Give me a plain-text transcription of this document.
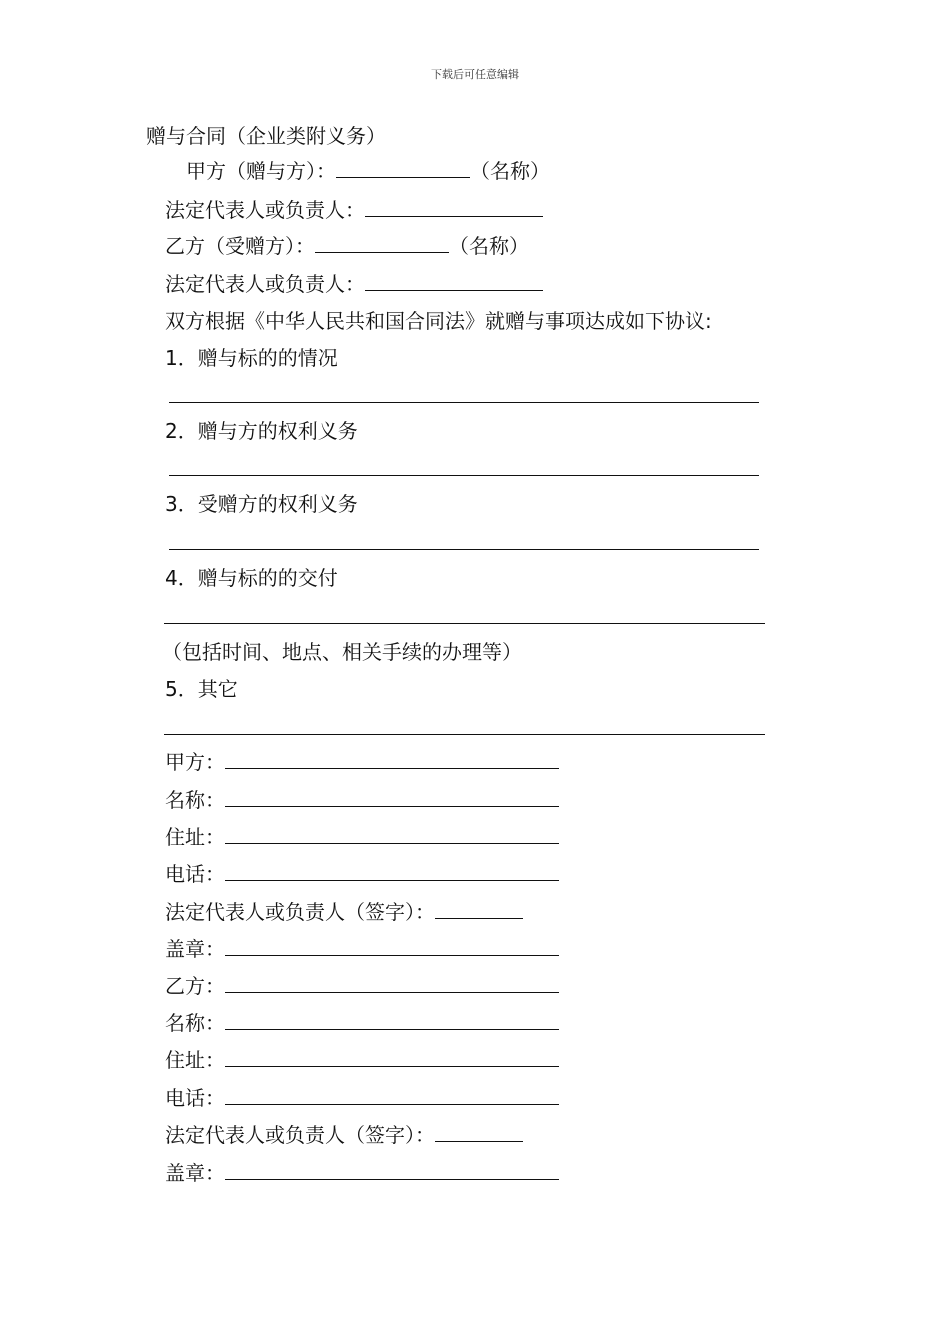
下载后可任意编辑
赠与合同（企业类附义务）
甲方（赠与方）：	（名称）
法定代表人或负责人：
乙方（受赠方）：	（名称）
法定代表人或负责人：
双方根据《中华人民共和国合同法》就赠与事项达成如下协议:
1．赠与标的的情况
2．赠与方的权利义务
3．受赠方的权利义务
4．赠与标的的交付
（包括时间、地点、相关手续的办理等）
5．其它
甲方：
名称：
住址：
电话：
法定代表人或负责人（签字）：
盖章：
乙方：
名称：
住址：
电话：
法定代表人或负责人（签字）：
盖章：
